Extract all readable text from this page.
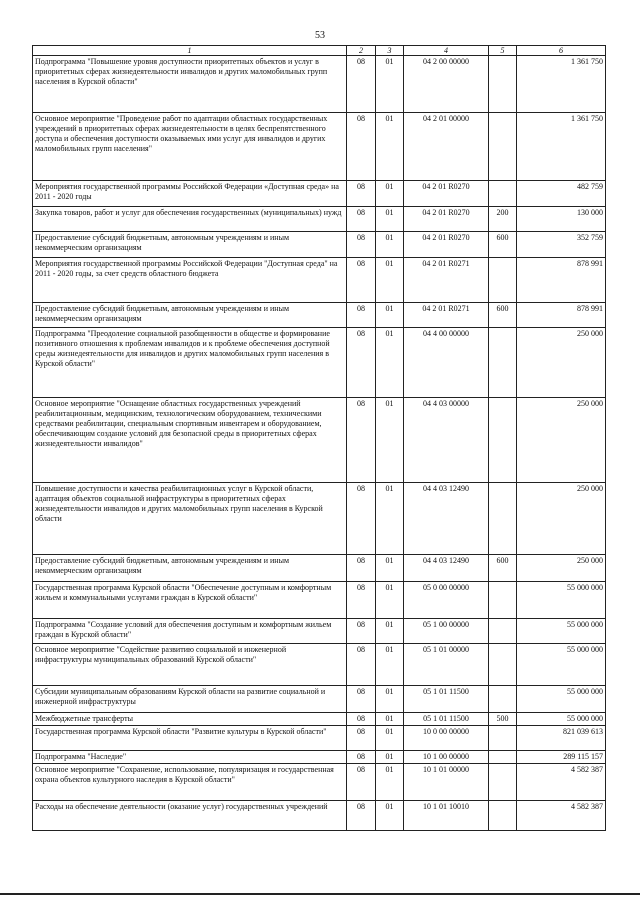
53
1	2	3	4	5	6
Подпрограмма "Повышение уровня доступности приоритетных объектов и услуг в приоритетных сферах жизнедеятельности инвалидов и других маломобильных групп населения в Курской области"	08	01	04 2 00 00000		1 361 750
Основное мероприятие "Проведение работ по адаптации областных государственных учреждений в приоритетных сферах жизнедеятельности в целях беспрепятственного доступа и обеспечения доступности оказываемых ими услуг для инвалидов и других маломобильных групп населения"	08	01	04 2 01 00000		1 361 750
Мероприятия государственной программы Российской Федерации «Доступная среда» на 2011 - 2020 годы	08	01	04 2 01 R0270		482 759
Закупка товаров, работ и услуг для обеспечения государственных (муниципальных) нужд	08	01	04 2 01 R0270	200	130 000
Предоставление субсидий бюджетным, автономным учреждениям и иным некоммерческим организациям	08	01	04 2 01 R0270	600	352 759
Мероприятия государственной программы Российской Федерации "Доступная среда" на 2011 - 2020 годы, за счет средств областного бюджета	08	01	04 2 01 R0271		878 991
Предоставление субсидий бюджетным, автономным учреждениям и иным некоммерческим организациям	08	01	04 2 01 R0271	600	878 991
Подпрограмма "Преодоление социальной разобщенности в обществе и формирование позитивного отношения к проблемам инвалидов и к проблеме обеспечения доступной среды жизнедеятельности для инвалидов и других маломобильных групп населения в Курской области"	08	01	04 4 00 00000		250 000
Основное мероприятие "Оснащение областных государственных учреждений реабилитационным, медицинским, технологическим оборудованием, техническими средствами реабилитации, специальным спортивным инвентарем и оборудованием, обеспечивающим создание условий для безопасной среды в приоритетных сферах жизнедеятельности инвалидов"	08	01	04 4 03 00000		250 000
Повышение доступности и качества реабилитационных услуг в Курской области, адаптация объектов социальной инфраструктуры в приоритетных сферах жизнедеятельности инвалидов и других маломобильных групп населения в Курской области	08	01	04 4 03 12490		250 000
Предоставление субсидий бюджетным, автономным учреждениям и иным некоммерческим организациям	08	01	04 4 03 12490	600	250 000
Государственная программа Курской области "Обеспечение доступным и комфортным жильем и коммунальными услугами граждан в Курской области"	08	01	05 0 00 00000		55 000 000
Подпрограмма "Создание условий для обеспечения доступным и комфортным жильем граждан в Курской области"	08	01	05 1 00 00000		55 000 000
Основное мероприятие "Содействие развитию социальной и инженерной инфраструктуры муниципальных образований Курской области"	08	01	05 1 01 00000		55 000 000
Субсидии муниципальным образованиям Курской области на развитие социальной и инженерной инфраструктуры	08	01	05 1 01 11500		55 000 000
Межбюджетные трансферты	08	01	05 1 01 11500	500	55 000 000
Государственная программа Курской области "Развитие культуры в Курской области"	08	01	10 0 00 00000		821 039 613
Подпрограмма "Наследие"	08	01	10 1 00 00000		289 115 157
Основное мероприятие "Сохранение, использование, популяризация и государственная охрана объектов культурного наследия в Курской области"	08	01	10 1 01 00000		4 582 387
Расходы на обеспечение деятельности (оказание услуг) государственных учреждений	08	01	10 1 01 10010		4 582 387
